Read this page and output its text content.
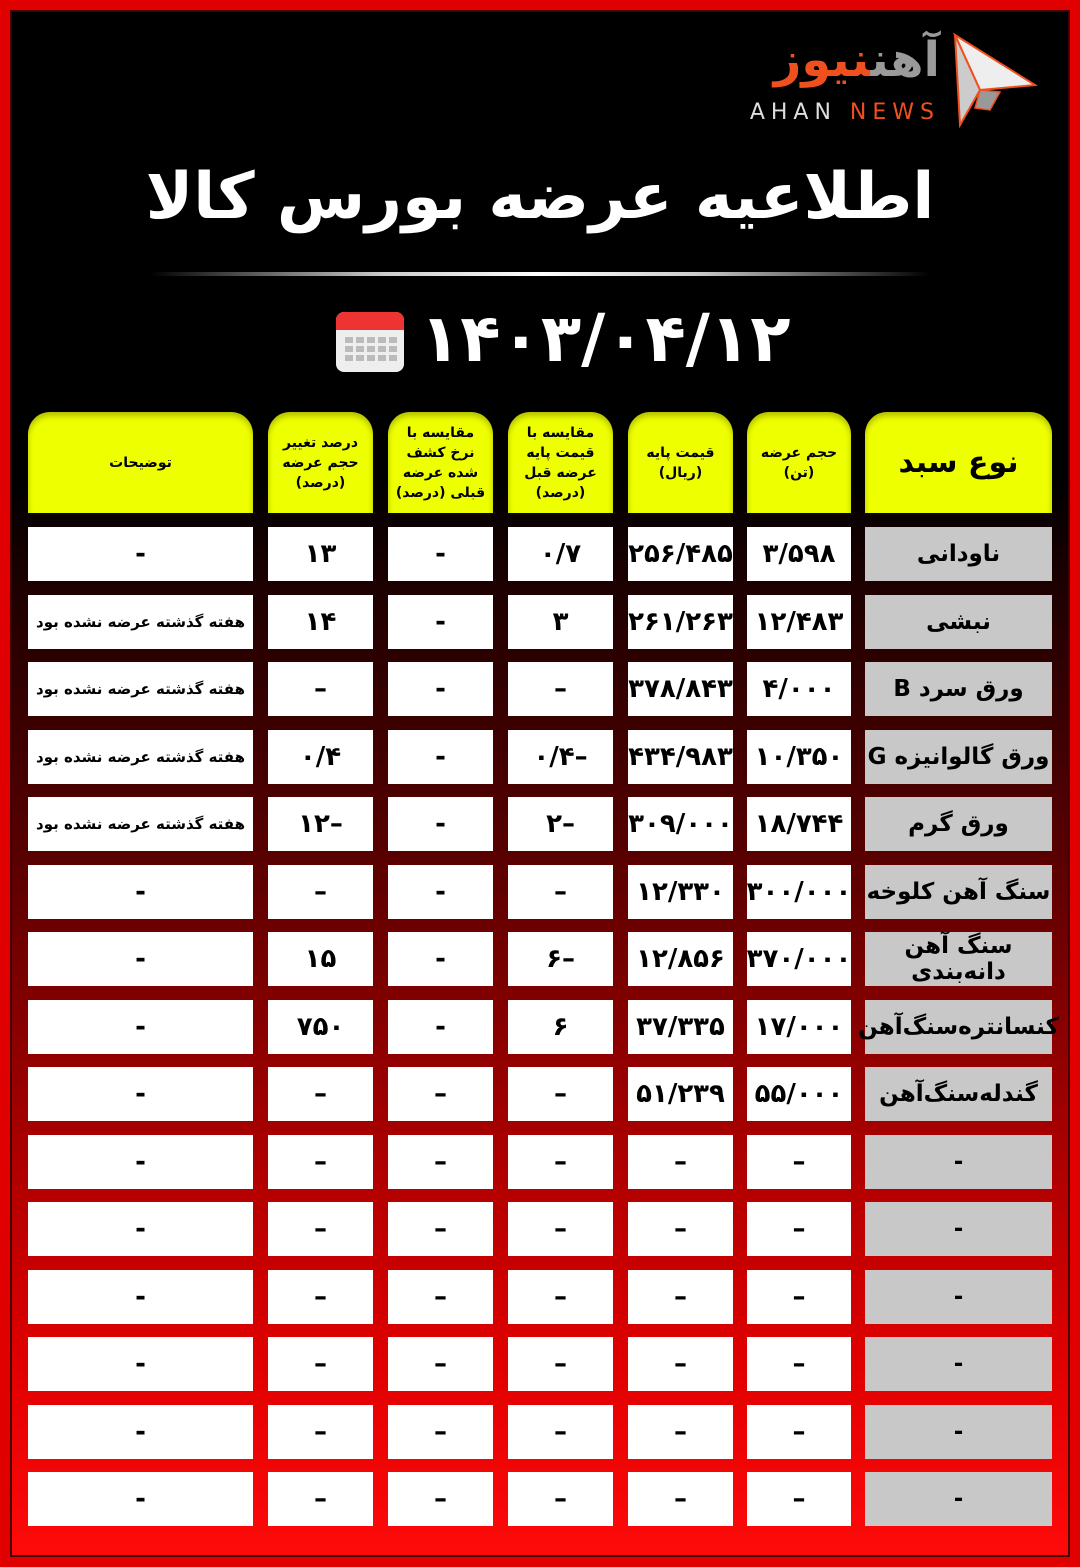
آهننیوز
AHAN NEWS
اطلاعیه عرضه بورس کالا
۱۴۰۳/۰۴/۱۲
نوع سبد
حجم عرضه (تن)
قیمت پایه (ریال)
مقایسه با قیمت پایه عرضه قبل (درصد)
مقایسه با نرخ کشف شده عرضه قبلی (درصد)
درصد تغییر حجم عرضه (درصد)
توضیحات
ناودانی
۳/۵۹۸
۲۵۶/۴۸۵
۰/۷
-
۱۳
-
نبشی
۱۲/۴۸۳
۲۶۱/۲۶۳
۳
-
۱۴
هفته گذشته عرضه نشده بود
ورق سرد B
۴/۰۰۰
۳۷۸/۸۴۳
–
-
–
هفته گذشته عرضه نشده بود
ورق گالوانیزه G
۱۰/۳۵۰
۴۳۴/۹۸۳
–۰/۴
-
۰/۴
هفته گذشته عرضه نشده بود
ورق گرم
۱۸/۷۴۴
۳۰۹/۰۰۰
–۲
-
–۱۲
هفته گذشته عرضه نشده بود
سنگ آهن کلوخه
۳۰۰/۰۰۰
۱۲/۳۳۰
–
-
–
-
سنگ آهن دانه‌بندی
۳۷۰/۰۰۰
۱۲/۸۵۶
–۶
-
۱۵
-
کنسانتره‌سنگ‌آهن
۱۷/۰۰۰
۳۷/۳۳۵
۶
-
۷۵۰
-
گندله‌سنگ‌آهن
۵۵/۰۰۰
۵۱/۲۳۹
–
–
–
-
-
–
–
–
–
–
-
-
–
–
–
–
–
-
-
–
–
–
–
–
-
-
–
–
–
–
–
-
-
–
–
–
–
–
-
-
–
–
–
–
–
-
